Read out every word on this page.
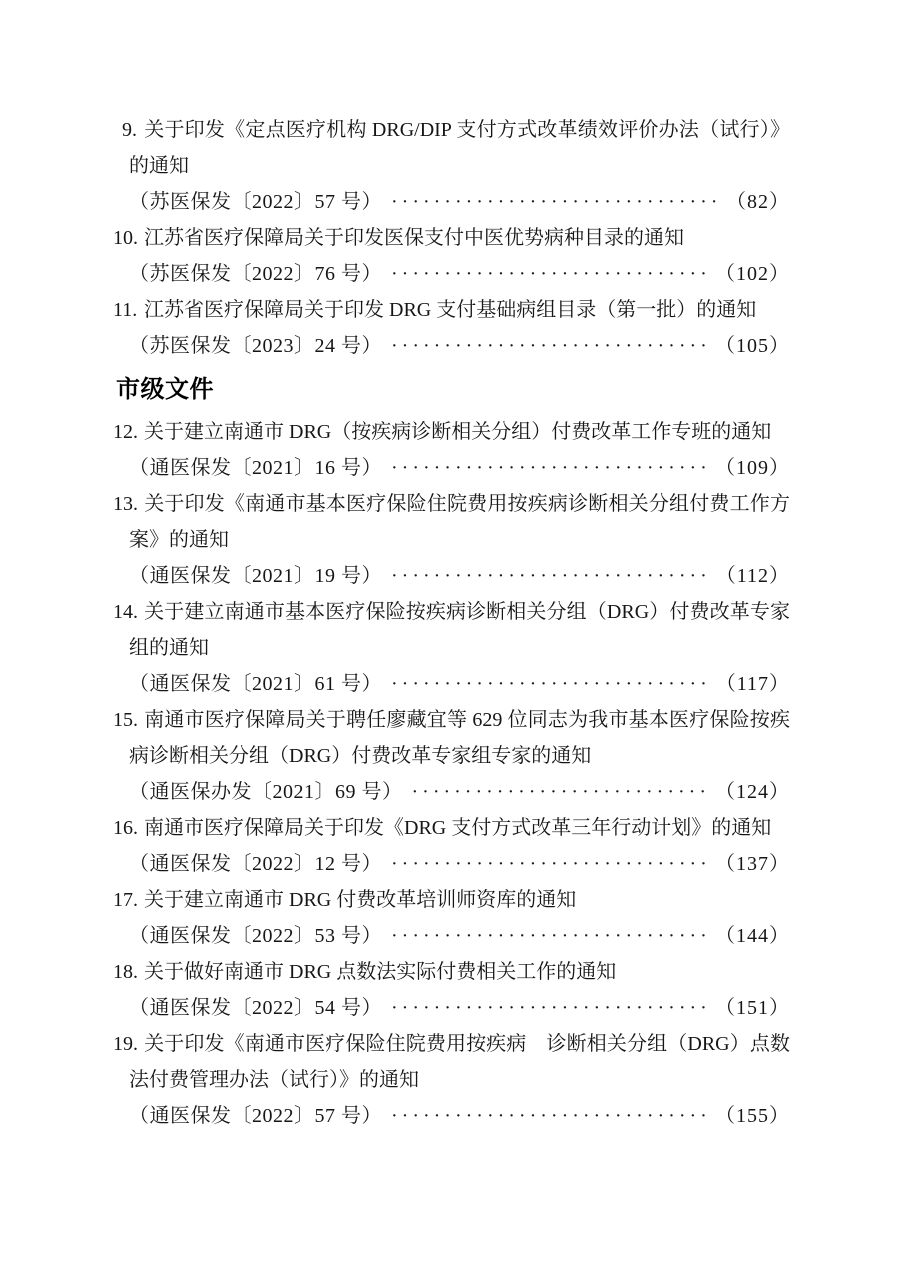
9. 关于印发《定点医疗机构 DRG/DIP 支付方式改革绩效评价办法（试行）》的通知
（苏医保发〔2022〕57 号） ·····	（82）
10. 江苏省医疗保障局关于印发医保支付中医优势病种目录的通知
（苏医保发〔2022〕76 号） ·····	（102）
11. 江苏省医疗保障局关于印发 DRG 支付基础病组目录（第一批）的通知
（苏医保发〔2023〕24 号） ·····	（105）
市级文件
12. 关于建立南通市 DRG（按疾病诊断相关分组）付费改革工作专班的通知
（通医保发〔2021〕16 号） ·····	（109）
13. 关于印发《南通市基本医疗保险住院费用按疾病诊断相关分组付费工作方案》的通知
（通医保发〔2021〕19 号） ·····	（112）
14. 关于建立南通市基本医疗保险按疾病诊断相关分组（DRG）付费改革专家组的通知
（通医保发〔2021〕61 号） ·····	（117）
15. 南通市医疗保障局关于聘任廖藏宜等 629 位同志为我市基本医疗保险按疾病诊断相关分组（DRG）付费改革专家组专家的通知
（通医保办发〔2021〕69 号） ·····	（124）
16. 南通市医疗保障局关于印发《DRG 支付方式改革三年行动计划》的通知
（通医保发〔2022〕12 号） ·····	（137）
17. 关于建立南通市 DRG 付费改革培训师资库的通知
（通医保发〔2022〕53 号） ·····	（144）
18. 关于做好南通市 DRG 点数法实际付费相关工作的通知
（通医保发〔2022〕54 号） ·····	（151）
19. 关于印发《南通市医疗保险住院费用按疾病　诊断相关分组（DRG）点数法付费管理办法（试行）》的通知
（通医保发〔2022〕57 号） ·····	（155）
